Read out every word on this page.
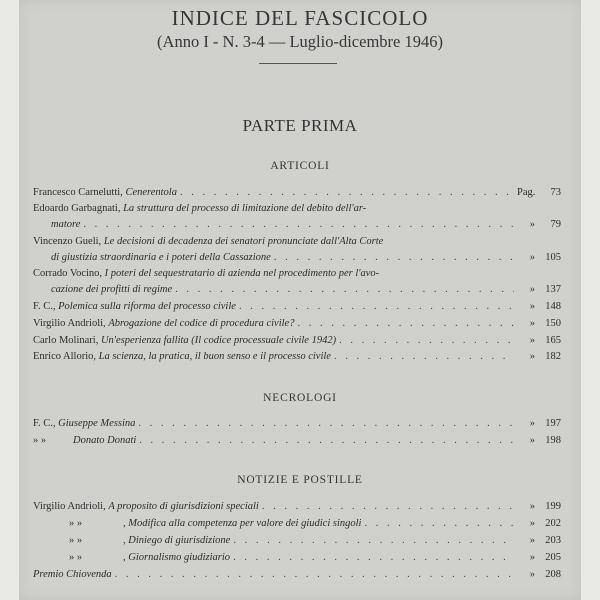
INDICE DEL FASCICOLO
(Anno I - N. 3-4 — Luglio-dicembre 1946)
PARTE PRIMA
ARTICOLI
Francesco Carnelutti, Cenerentola . . .	Pag.	73
Edoardo Garbagnati, La struttura del processo di limitazione del debito dell'ar-
matore . . .	»	79
Vincenzo Gueli, Le decisioni di decadenza dei senatori pronunciate dall'Alta Corte
di giustizia straordinaria e i poteri della Cassazione . . .	» 105
Corrado Vocino, I poteri del sequestratario di azienda nel procedimento per l'avo-
cazione dei profitti di regime . . .	» 137
F. C., Polemica sulla riforma del processo civile . . .	» 148
Virgilio Andrioli, Abrogazione del codice di procedura civile? . . .	» 150
Carlo Molinari, Un'esperienza fallita (Il codice processuale civile 1942) . . .	» 165
Enrico Allorio, La scienza, la pratica, il buon senso e il processo civile . . .	» 182
NECROLOGI
F. C., Giuseppe Messina . . .	» 197
» »	Donato Donati . . .	» 198
NOTIZIE E POSTILLE
Virgilio Andrioli, A proposito di giurisdizioni speciali . . .	» 199
» »	, Modifica alla competenza per valore dei giudici singoli . . .	» 202
» »	, Diniego di giurisdizione . . .	» 203
» »	, Giornalismo giudiziario . . .	» 205
Premio Chiovenda . . .	» 208
